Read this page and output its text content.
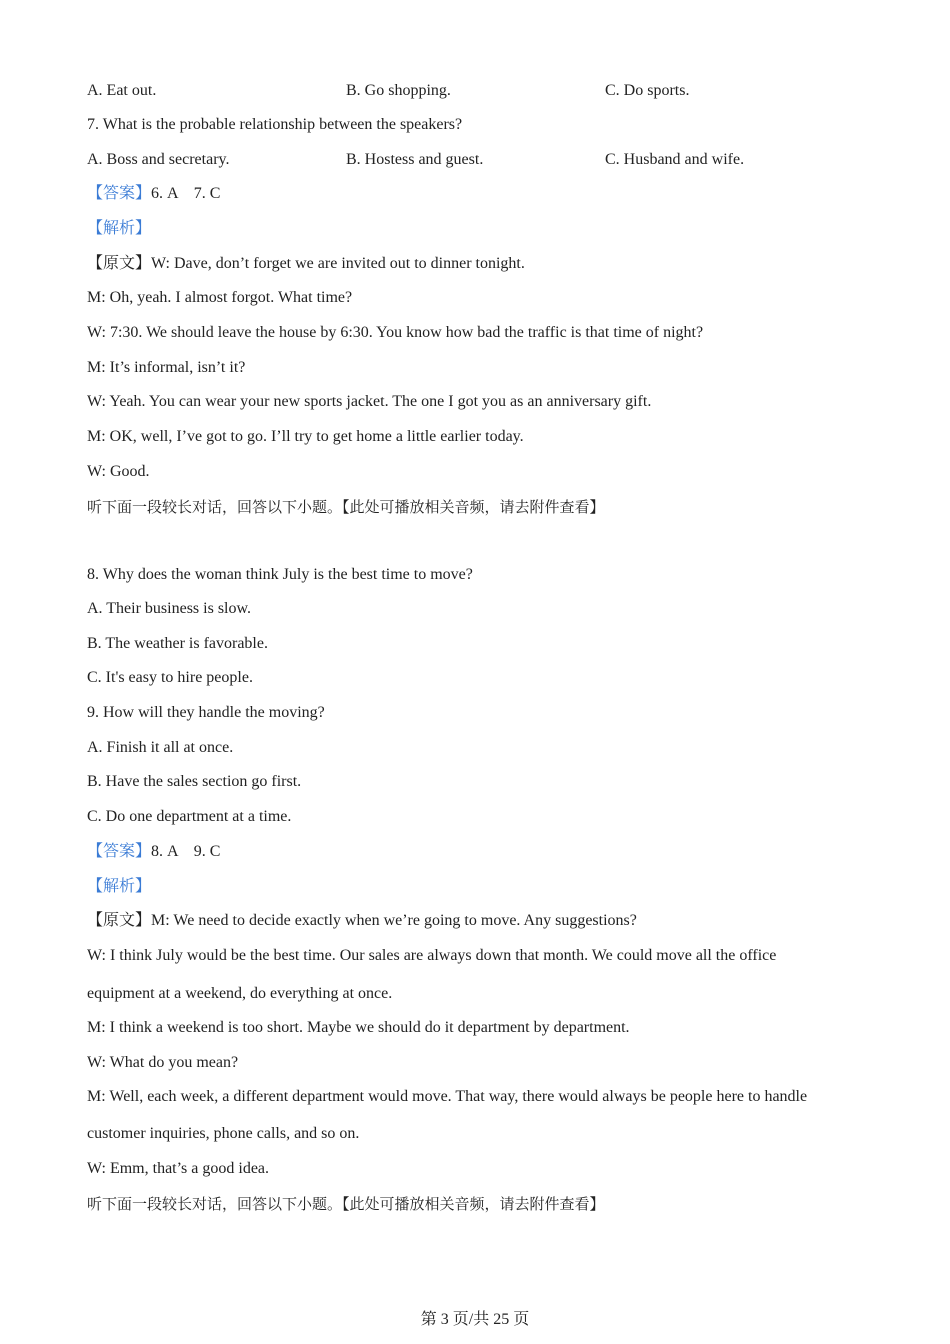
A. Eat out.	B. Go shopping.	C. Do sports.
7. What is the probable relationship between the speakers?
A. Boss and secretary.	B. Hostess and guest.	C. Husband and wife.
【答案】6. A    7. C
【解析】
【原文】W: Dave, don’t forget we are invited out to dinner tonight.
M: Oh, yeah. I almost forgot. What time?
W: 7:30. We should leave the house by 6:30. You know how bad the traffic is that time of night?
M: It’s informal, isn’t it?
W: Yeah. You can wear your new sports jacket. The one I got you as an anniversary gift.
M: OK, well, I’ve got to go. I’ll try to get home a little earlier today.
W: Good.
听下面一段较长对话，回答以下小题。【此处可播放相关音频，请去附件查看】
8. Why does the woman think July is the best time to move?
A. Their business is slow.
B. The weather is favorable.
C. It's easy to hire people.
9. How will they handle the moving?
A. Finish it all at once.
B. Have the sales section go first.
C. Do one department at a time.
【答案】8. A    9. C
【解析】
【原文】M: We need to decide exactly when we’re going to move. Any suggestions?
W: I think July would be the best time. Our sales are always down that month. We could move all the office
equipment at a weekend, do everything at once.
M: I think a weekend is too short. Maybe we should do it department by department.
W: What do you mean?
M: Well, each week, a different department would move. That way, there would always be people here to handle
customer inquiries, phone calls, and so on.
W: Emm, that’s a good idea.
听下面一段较长对话，回答以下小题。【此处可播放相关音频，请去附件查看】
第 3 页/共 25 页
